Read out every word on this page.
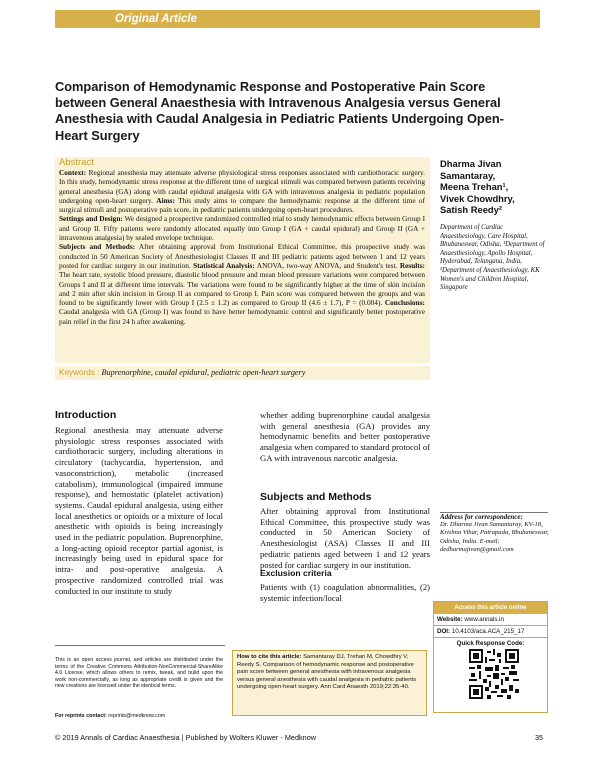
Original Article
Comparison of Hemodynamic Response and Postoperative Pain Score between General Anaesthesia with Intravenous Analgesia versus General Anesthesia with Caudal Analgesia in Pediatric Patients Undergoing Open-Heart Surgery
Abstract
Context: Regional anesthesia may attenuate adverse physiological stress responses associated with cardiothoracic surgery. In this study, hemodynamic stress response at the different time of surgical stimuli was compared between patients receiving general anesthesia (GA) along with caudal epidural analgesia with GA with intravenous analgesia in pediatric population undergoing open-heart surgery. Aims: This study aims to compare the hemodynamic response at the different time of surgical stimuli and postoperative pain score, in pediatric patients undergoing open-heart procedures.
Settings and Design: We designed a prospective randomized controlled trial to study hemodynamic effects between Group I and Group II. Fifty patients were randomly allocated equally into Group I (GA + caudal epidural) and Group II (GA + intravenous analgesia) by sealed envelope technique.
Subjects and Methods: After obtaining approval from Institutional Ethical Committee, this prospective study was conducted in 50 American Society of Anesthesiologist Classes II and III pediatric patients aged between 1 and 12 years posted for cardiac surgery in our institution. Statistical Analysis: ANOVA, two-way ANOVA, and Student's test. Results: The heart rate, systolic blood pressure, diastolic blood pressure and mean blood pressure variations were compared between Groups I and II at different time intervals. The variations were found to be significantly higher at the time of skin incision and 2 min after skin incision in Group II as compared to Group I. Pain score was compared between the groups and was found to be significantly lower with Group I (2.5 ± 1.2) as compared to Group II (4.6 ± 1.7), P = (0.004). Conclusions: Caudal analgesia with GA (Group I) was found to have better hemodynamic control and significantly better postoperative pain relief in the first 24 h after awakening.
Keywords : Buprenorphine, caudal epidural, pediatric open-heart surgery
Dharma Jivan Samantaray,
Meena Trehan¹,
Vivek Chowdhry,
Satish Reedy²
Department of Cardiac Anaesthesiology, Care Hospital, Bhubaneswar, Odisha, ¹Department of Anaesthesiology, Apollo Hospital, Hyderabad, Telangana, India, ²Department of Anaesthesiology, KK Women's and Children Hospital, Singapore
Introduction

Regional anesthesia may attenuate adverse physiologic stress responses associated with cardiothoracic surgery, including alterations in circulatory (tachycardia, hypertension, and vasoconstriction), metabolic (increased catabolism), immunological (impaired immune response), and hemostatic (platelet activation) systems. Caudal epidural analgesia, using either local anesthetics or opioids or a mixture of local anesthetic with opioids is being increasingly used in the pediatric population. Buprenorphine, a long-acting opioid receptor partial agonist, is increasingly being used in epidural space for intra- and post-operative analgesia. A prospective randomized controlled trial was conducted in our institute to study

whether adding buprenorphine caudal analgesia with general anesthesia (GA) provides any hemodynamic benefits and better postoperative analgesia when compared to standard protocol of GA with intravenous narcotic analgesia.

Subjects and Methods

After obtaining approval from Institutional Ethical Committee, this prospective study was conducted in 50 American Society of Anesthesiologist (ASA) Classes II and III pediatric patients aged between 1 and 12 years posted for cardiac surgery in our institution.

Exclusion criteria

Patients with (1) coagulation abnormalities, (2) systemic infection/local

This is an open access journal, and articles are distributed under the terms of the Creative Commons Attribution-NonCommercial-ShareAlike 4.0 License, which allows others to remix, tweak, and build upon the work non-commercially, as long as appropriate credit is given and the new creations are licensed under the identical terms.

For reprints contact: reprints@medknow.com
Address for correspondence:
Dr. Dharma Jivan Samantaray, KV-18, Krishna Vihar, Patrapada, Bhubaneswar, Odisha, India. E-mail: dedharmajivan@gmail.com
Access this article online
Website: www.annals.in
DOI: 10.4103/aca.ACA_215_17
Quick Response Code:
How to cite this article: Samantaray DJ, Trehan M, Chowdhry V, Reedy S. Comparison of hemodynamic response and postoperative pain score between general anesthesia with intravenous analgesia versus general anesthesia with caudal analgesia in pediatric patients undergoing open-heart surgery. Ann Card Anaesth 2019;22:35-40.
© 2019 Annals of Cardiac Anaesthesia | Published by Wolters Kluwer - Medknow	35
